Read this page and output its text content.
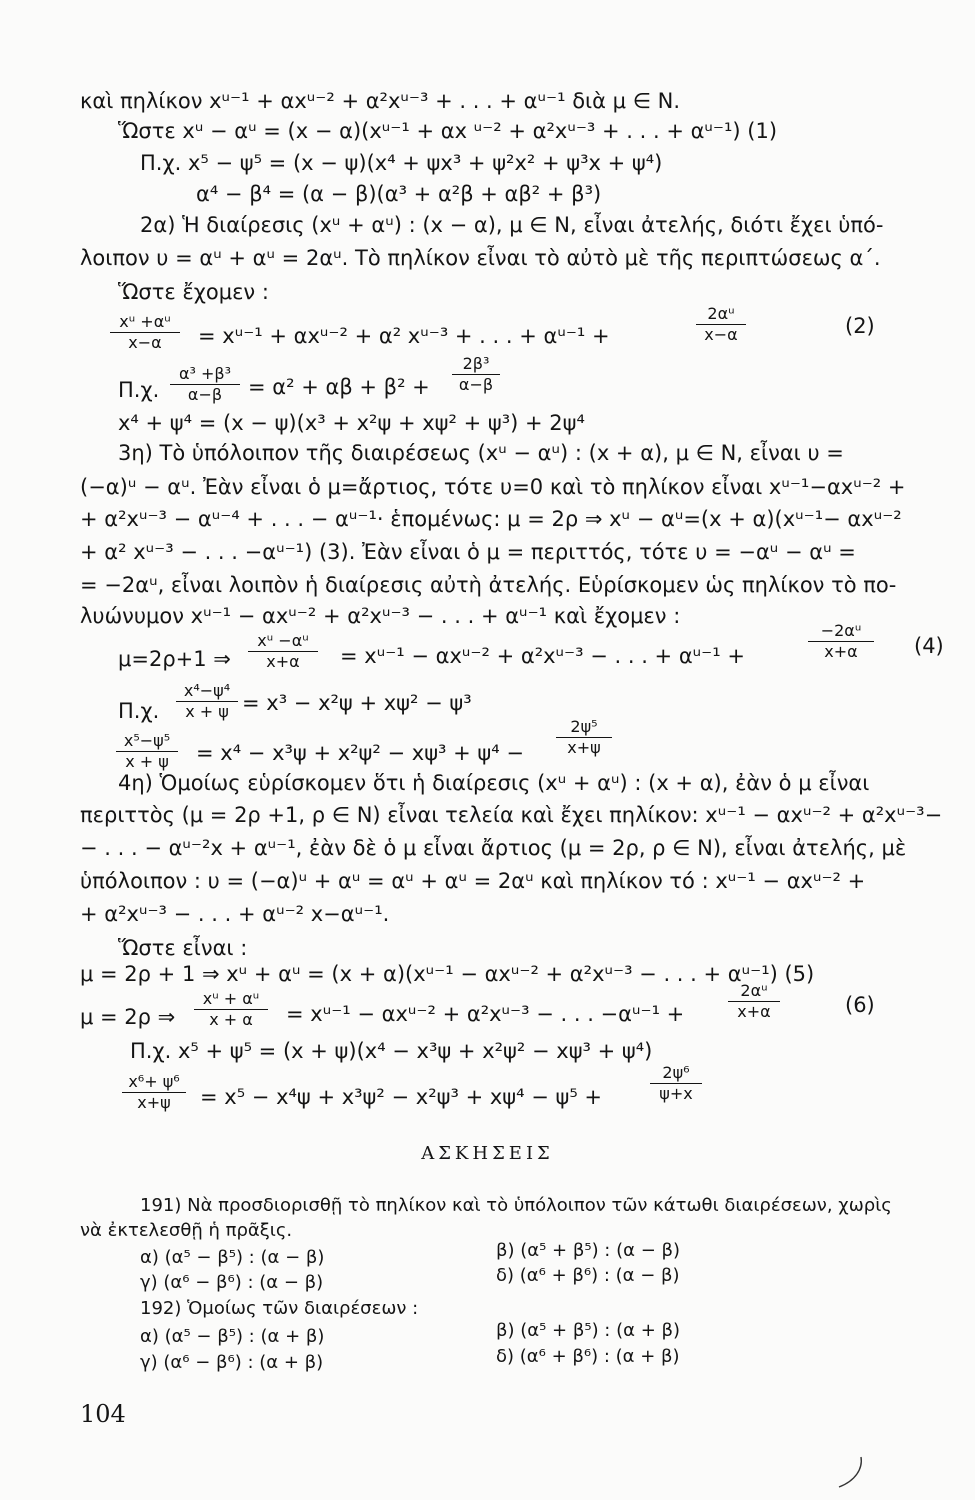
καὶ πηλίκον xᵘ⁻¹ + αxᵘ⁻² + α²xᵘ⁻³ + . . . + αᵘ⁻¹ διὰ μ ∈ N.
Ὥστε xᵘ − αᵘ = (x − α)(xᵘ⁻¹ + αx ᵘ⁻² + α²xᵘ⁻³ + . . . + αᵘ⁻¹) (1)
Π.χ. x⁵ − ψ⁵ = (x − ψ)(x⁴ + ψx³ + ψ²x² + ψ³x + ψ⁴)
α⁴ − β⁴ = (α − β)(α³ + α²β + αβ² + β³)
2α) Ἡ διαίρεσις (xᵘ + αᵘ) : (x − α), μ ∈ N, εἶναι ἀτελής, διότι ἔχει ὑπό-
λοιπον υ = αᵘ + αᵘ = 2αᵘ. Τὸ πηλίκον εἶναι τὸ αὐτὸ μὲ τῆς περιπτώσεως α΄.
Ὥστε ἔχομεν :
xᵘ +αᵘ
x−α	= xᵘ⁻¹ + αxᵘ⁻² + α² xᵘ⁻³ + . . . + αᵘ⁻¹ +
2αᵘ
x−α	(2)
Π.χ.
α³ +β³
α−β	= α² + αβ + β² +
2β³
α−β
x⁴ + ψ⁴ = (x − ψ)(x³ + x²ψ + xψ² + ψ³) + 2ψ⁴
3η) Τὸ ὑπόλοιπον τῆς διαιρέσεως (xᵘ − αᵘ) : (x + α), μ ∈ N, εἶναι υ =
(−α)ᵘ − αᵘ. Ἐὰν εἶναι ὁ μ=ἄρτιος, τότε υ=0 καὶ τὸ πηλίκον εἶναι xᵘ⁻¹−αxᵘ⁻² +
+ α²xᵘ⁻³ − αᵘ⁻⁴ + . . . − αᵘ⁻¹· ἑπομένως: μ = 2ρ ⇒ xᵘ − αᵘ=(x + α)(xᵘ⁻¹− αxᵘ⁻²
+ α² xᵘ⁻³ − . . . −αᵘ⁻¹) (3). Ἐὰν εἶναι ὁ μ = περιττός, τότε υ = −αᵘ − αᵘ =
= −2αᵘ, εἶναι λοιπὸν ἡ διαίρεσις αὐτὴ ἀτελής. Εὑρίσκομεν ὡς πηλίκον τὸ πο-
λυώνυμον xᵘ⁻¹ − αxᵘ⁻² + α²xᵘ⁻³ − . . . + αᵘ⁻¹ καὶ ἔχομεν :
μ=2ρ+1 ⇒
xᵘ −αᵘ
x+α	= xᵘ⁻¹ − αxᵘ⁻² + α²xᵘ⁻³ − . . . + αᵘ⁻¹ +
−2αᵘ
x+α	(4)
Π.χ.
x⁴−ψ⁴
x + ψ = x³ − x²ψ + xψ² − ψ³
x⁵−ψ⁵
x + ψ	= x⁴ − x³ψ + x²ψ² − xψ³ + ψ⁴ −
2ψ⁵
x+ψ
4η) Ὁμοίως εὑρίσκομεν ὅτι ἡ διαίρεσις (xᵘ + αᵘ) : (x + α), ἐὰν ὁ μ εἶναι
περιττὸς (μ = 2ρ +1, ρ ∈ N) εἶναι τελεία καὶ ἔχει πηλίκον: xᵘ⁻¹ − αxᵘ⁻² + α²xᵘ⁻³−
− . . . − αᵘ⁻²x + αᵘ⁻¹, ἐὰν δὲ ὁ μ εἶναι ἄρτιος (μ = 2ρ, ρ ∈ N), εἶναι ἀτελής, μὲ
ὑπόλοιπον : υ = (−α)ᵘ + αᵘ = αᵘ + αᵘ = 2αᵘ καὶ πηλίκον τό : xᵘ⁻¹ − αxᵘ⁻² +
+ α²xᵘ⁻³ − . . . + αᵘ⁻² x−αᵘ⁻¹.
Ὥστε εἶναι :
μ = 2ρ + 1 ⇒ xᵘ + αᵘ = (x + α)(xᵘ⁻¹ − αxᵘ⁻² + α²xᵘ⁻³ − . . . + αᵘ⁻¹) (5)
μ = 2ρ ⇒
xᵘ + αᵘ
x + α	= xᵘ⁻¹ − αxᵘ⁻² + α²xᵘ⁻³ − . . . −αᵘ⁻¹ +
2αᵘ
x+α	(6)
Π.χ. x⁵ + ψ⁵ = (x + ψ)(x⁴ − x³ψ + x²ψ² − xψ³ + ψ⁴)
x⁶+ ψ⁶
x+ψ	= x⁵ − x⁴ψ + x³ψ² − x²ψ³ + xψ⁴ − ψ⁵ +
2ψ⁶
ψ+x
ΑΣΚΗΣΕΙΣ
191) Νὰ προσδιορισθῇ τὸ πηλίκον καὶ τὸ ὑπόλοιπον τῶν κάτωθι διαιρέσεων, χωρὶς
νὰ ἐκτελεσθῇ ἡ πρᾶξις.
α) (α⁵ − β⁵) : (α − β)	β) (α⁵ + β⁵) : (α − β)
γ) (α⁶ − β⁶) : (α − β)	δ) (α⁶ + β⁶) : (α − β)
192) Ὁμοίως τῶν διαιρέσεων :
α) (α⁵ − β⁵) : (α + β)	β) (α⁵ + β⁵) : (α + β)
γ) (α⁶ − β⁶) : (α + β)	δ) (α⁶ + β⁶) : (α + β)
104
